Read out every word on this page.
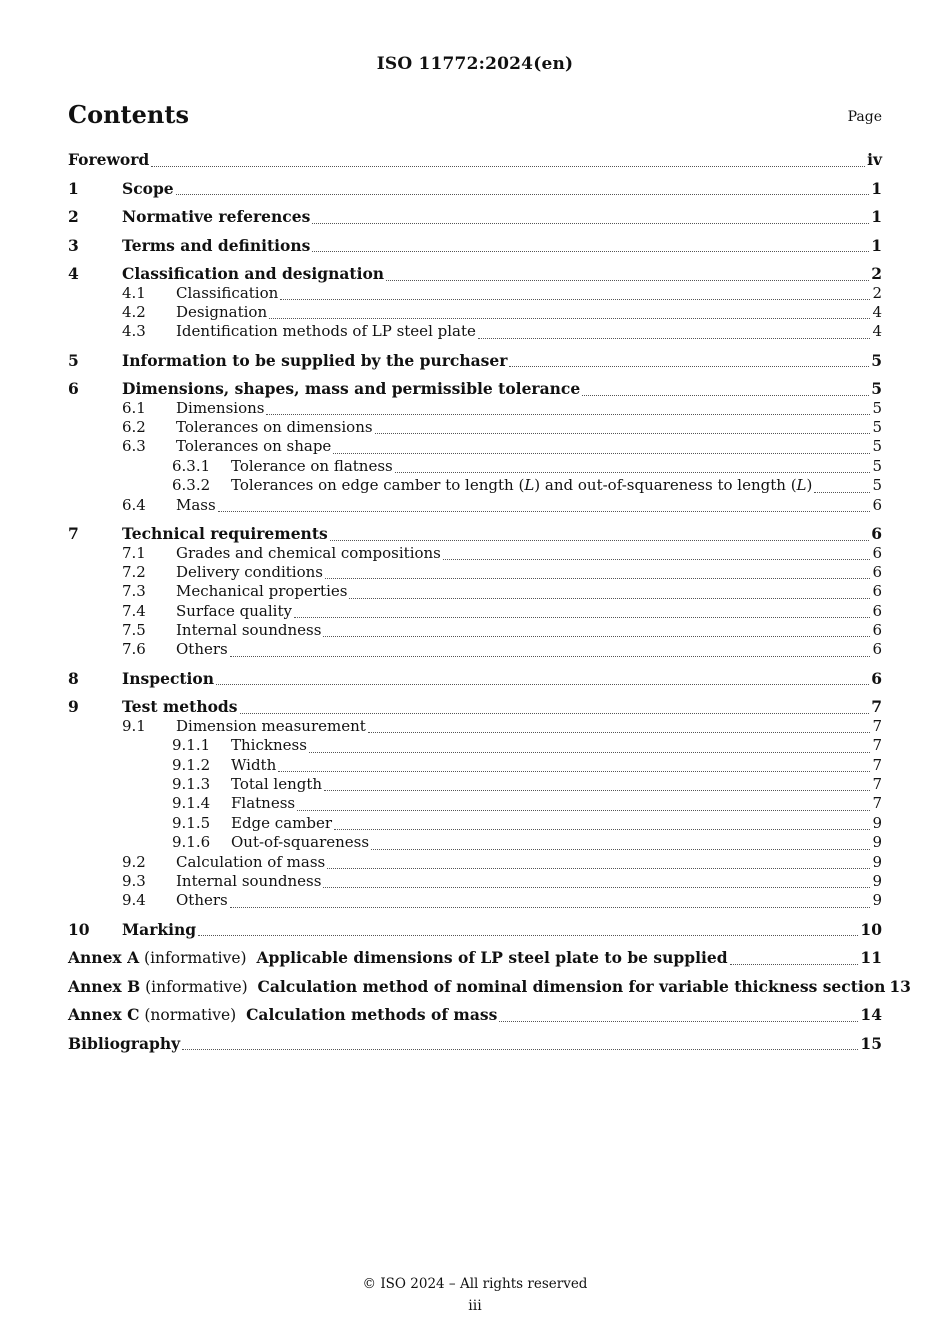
ISO 11772:2024(en)
Contents	Page
Foreword	iv
1	Scope	1
2	Normative references	1
3	Terms and definitions	1
4	Classification and designation	2
4.1	Classification	2
4.2	Designation	4
4.3	Identification methods of LP steel plate	4
5	Information to be supplied by the purchaser	5
6	Dimensions, shapes, mass and permissible tolerance	5
6.1	Dimensions	5
6.2	Tolerances on dimensions	5
6.3	Tolerances on shape	5
6.3.1	Tolerance on flatness	5
6.3.2	Tolerances on edge camber to length (L) and out-of-squareness to length (L)	5
6.4	Mass	6
7	Technical requirements	6
7.1	Grades and chemical compositions	6
7.2	Delivery conditions	6
7.3	Mechanical properties	6
7.4	Surface quality	6
7.5	Internal soundness	6
7.6	Others	6
8	Inspection	6
9	Test methods	7
9.1	Dimension measurement	7
9.1.1	Thickness	7
9.1.2	Width	7
9.1.3	Total length	7
9.1.4	Flatness	7
9.1.5	Edge camber	9
9.1.6	Out-of-squareness	9
9.2	Calculation of mass	9
9.3	Internal soundness	9
9.4	Others	9
10	Marking	10
Annex A (informative)  Applicable dimensions of LP steel plate to be supplied	11
Annex B (informative)  Calculation method of nominal dimension for variable thickness section 13
Annex C (normative)  Calculation methods of mass	14
Bibliography	15
© ISO 2024 – All rights reserved
iii
